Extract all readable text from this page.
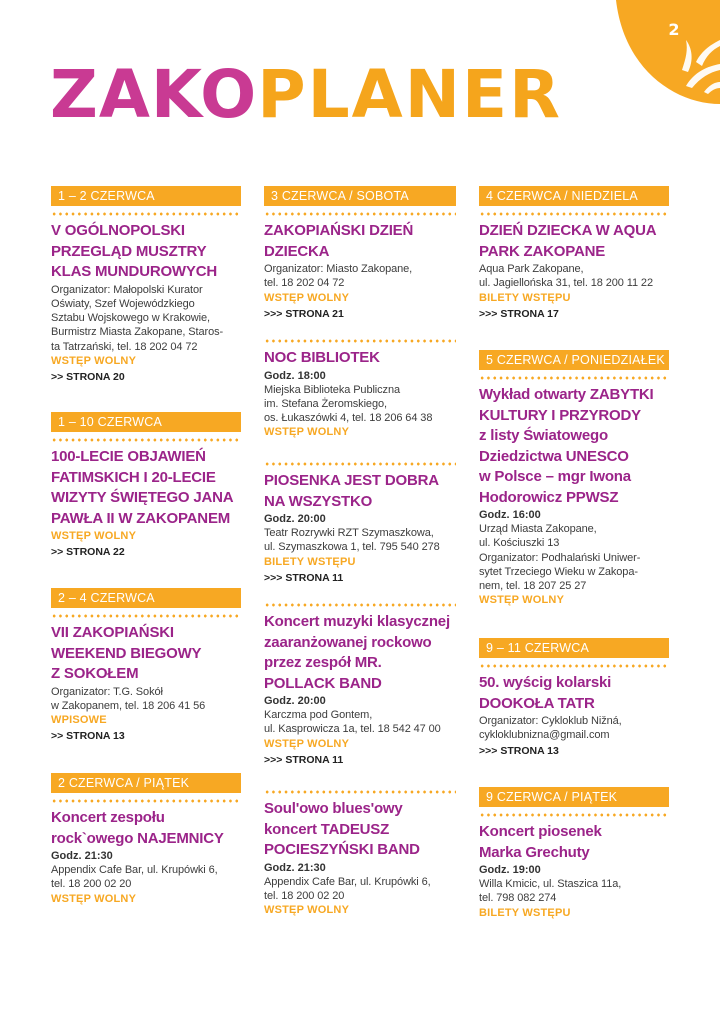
2
ZAKO PLANER
1 – 2 CZERWCA
V OGÓLNOPOLSKI
PRZEGLĄD MUSZTRY
KLAS MUNDUROWYCH
Organizator: Małopolski Kurator
Oświaty, Szef Wojewódzkiego
Sztabu Wojskowego w Krakowie,
Burmistrz Miasta Zakopane, Staros-
ta Tatrzański, tel. 18 202 04 72
WSTĘP WOLNY
>> STRONA 20
1 – 10 CZERWCA
100-LECIE OBJAWIEŃ
FATIMSKICH I 20-LECIE
WIZYTY ŚWIĘTEGO JANA
PAWŁA II W ZAKOPANEM
WSTĘP WOLNY
>> STRONA 22
2 – 4 CZERWCA
VII ZAKOPIAŃSKI
WEEKEND BIEGOWY
Z SOKOŁEM
Organizator: T.G. Sokół
w Zakopanem, tel. 18 206 41 56
WPISOWE
>> STRONA 13
2 CZERWCA / PIĄTEK
Koncert zespołu
rock`owego NAJEMNICY
Godz. 21:30
Appendix Cafe Bar, ul. Krupówki 6,
tel. 18 200 02 20
WSTĘP WOLNY
3 CZERWCA / SOBOTA
ZAKOPIAŃSKI DZIEŃ
DZIECKA
Organizator: Miasto Zakopane,
tel. 18 202 04 72
WSTĘP WOLNY
>>> STRONA 21
NOC BIBLIOTEK
Godz. 18:00
Miejska Biblioteka Publiczna
im. Stefana Żeromskiego,
os. Łukaszówki 4, tel. 18 206 64 38
WSTĘP WOLNY
PIOSENKA JEST DOBRA
NA WSZYSTKO
Godz. 20:00
Teatr Rozrywki RZT Szymaszkowa,
ul. Szymaszkowa 1, tel. 795 540 278
BILETY WSTĘPU
>>> STRONA 11
Koncert muzyki klasycznej
zaaranżowanej rockowo
przez zespół MR.
POLLACK BAND
Godz. 20:00
Karczma pod Gontem,
ul. Kasprowicza 1a, tel. 18 542 47 00
WSTĘP WOLNY
>>> STRONA 11
Soul'owo blues'owy
koncert TADEUSZ
POCIESZYŃSKI BAND
Godz. 21:30
Appendix Cafe Bar, ul. Krupówki 6,
tel. 18 200 02 20
WSTĘP WOLNY
4 CZERWCA / NIEDZIELA
DZIEŃ DZIECKA W AQUA
PARK ZAKOPANE
Aqua Park Zakopane,
ul. Jagiellońska 31, tel. 18 200 11 22
BILETY WSTĘPU
>>> STRONA 17
5 CZERWCA / PONIEDZIAŁEK
Wykład otwarty ZABYTKI
KULTURY I PRZYRODY
z listy Światowego
Dziedzictwa UNESCO
w Polsce – mgr Iwona
Hodorowicz PPWSZ
Godz. 16:00
Urząd Miasta Zakopane,
ul. Kościuszki 13
Organizator: Podhalański Uniwer-
sytet Trzeciego Wieku w Zakopa-
nem, tel. 18 207 25 27
WSTĘP WOLNY
9 – 11 CZERWCA
50. wyścig kolarski
DOOKOŁA TATR
Organizator: Cykloklub Nižná,
cykloklubnizna@gmail.com
>>> STRONA 13
9 CZERWCA / PIĄTEK
Koncert piosenek
Marka Grechuty
Godz. 19:00
Willa Kmicic, ul. Staszica 11a,
tel. 798 082 274
BILETY WSTĘPU
